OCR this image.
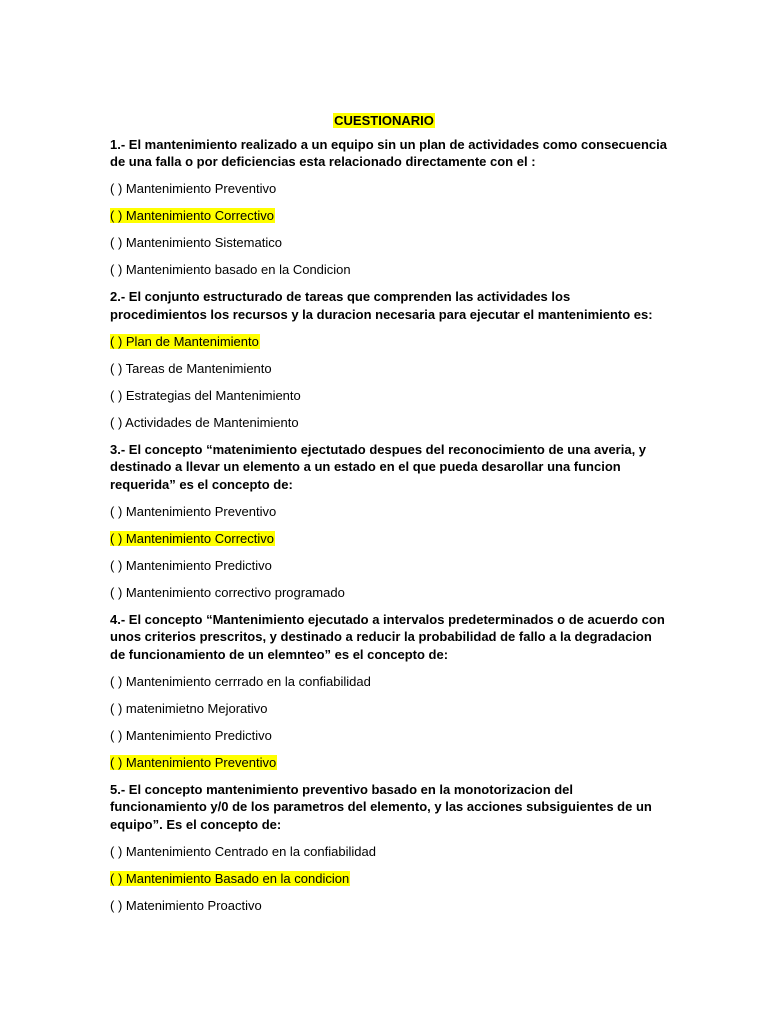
CUESTIONARIO
1.- El mantenimiento realizado a un equipo sin un plan de actividades como consecuencia de una falla o por deficiencias esta relacionado directamente con el :
( ) Mantenimiento Preventivo
( ) Mantenimiento Correctivo
( ) Mantenimiento Sistematico
( ) Mantenimiento basado en la Condicion
2.- El conjunto estructurado de tareas que comprenden las actividades los procedimientos los recursos y la duracion necesaria para ejecutar el mantenimiento es:
( ) Plan de Mantenimiento
( ) Tareas de Mantenimiento
( ) Estrategias del Mantenimiento
( ) Actividades de Mantenimiento
3.- El concepto “matenimiento ejectutado despues del reconocimiento de una averia, y destinado a llevar un elemento a un estado en el que pueda desarollar una funcion requerida” es el concepto de:
( ) Mantenimiento Preventivo
( ) Mantenimiento Correctivo
( ) Mantenimiento Predictivo
( ) Mantenimiento correctivo programado
4.- El concepto “Mantenimiento ejecutado a intervalos predeterminados o de acuerdo con unos criterios prescritos, y destinado a reducir la probabilidad de fallo a la degradacion de funcionamiento de un elemnteo” es el concepto de:
( ) Mantenimiento cerrrado en la confiabilidad
( ) matenimietno Mejorativo
( ) Mantenimiento Predictivo
( ) Mantenimiento Preventivo
5.- El concepto mantenimiento preventivo basado en la monotorizacion del funcionamiento y/0 de los parametros del elemento, y las acciones subsiguientes de un equipo”. Es el concepto de:
( ) Mantenimiento Centrado en la confiabilidad
( ) Mantenimiento Basado en la condicion
( ) Matenimiento Proactivo
